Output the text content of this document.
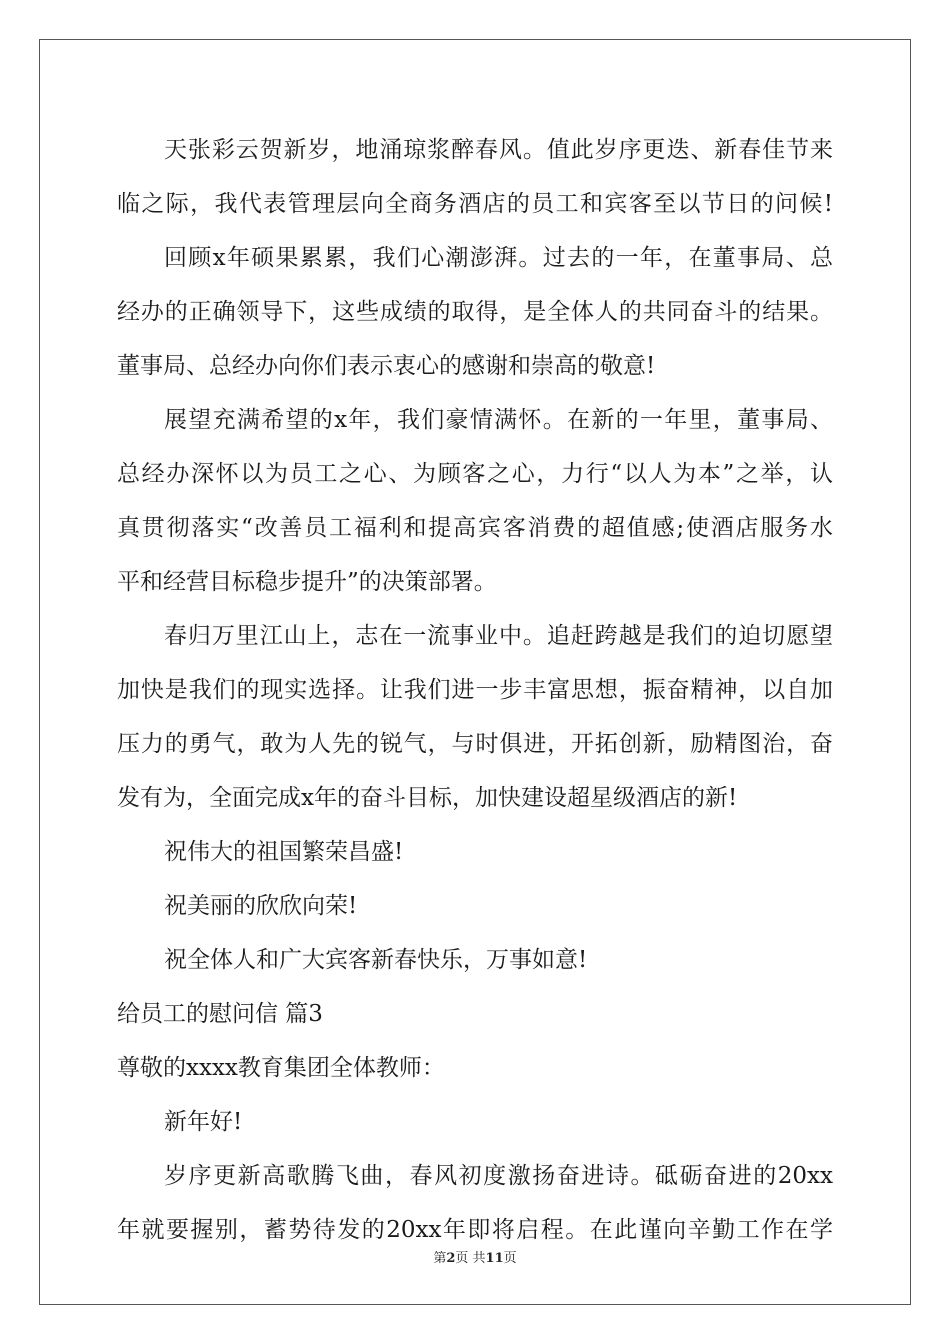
天张彩云贺新岁，地涌琼浆醉春风。值此岁序更迭、新春佳节来
临之际，我代表管理层向全商务酒店的员工和宾客至以节日的问候!
回顾x年硕果累累，我们心潮澎湃。过去的一年，在董事局、总
经办的正确领导下，这些成绩的取得，是全体人的共同奋斗的结果。
董事局、总经办向你们表示衷心的感谢和崇高的敬意!
展望充满希望的x年，我们豪情满怀。在新的一年里，董事局、
总经办深怀以为员工之心、为顾客之心，力行“以人为本”之举，认
真贯彻落实“改善员工福利和提高宾客消费的超值感;使酒店服务水
平和经营目标稳步提升”的决策部署。
春归万里江山上，志在一流事业中。追赶跨越是我们的迫切愿望
加快是我们的现实选择。让我们进一步丰富思想，振奋精神，以自加
压力的勇气，敢为人先的锐气，与时俱进，开拓创新，励精图治，奋
发有为，全面完成x年的奋斗目标，加快建设超星级酒店的新!
祝伟大的祖国繁荣昌盛!
祝美丽的欣欣向荣!
祝全体人和广大宾客新春快乐，万事如意!
给员工的慰问信 篇3
尊敬的xxxx教育集团全体教师：
新年好!
岁序更新高歌腾飞曲，春风初度激扬奋进诗。砥砺奋进的20xx
年就要握别，蓄势待发的20xx年即将启程。在此谨向辛勤工作在学
第2页 共11页
